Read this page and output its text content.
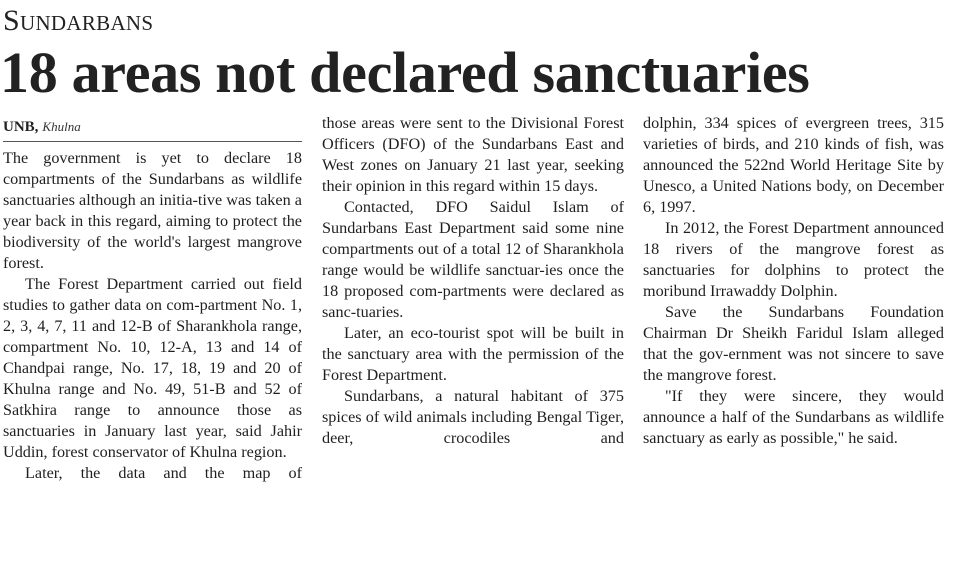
Sundarbans
18 areas not declared sanctuaries
UNB, Khulna

The government is yet to declare 18 compartments of the Sundarbans as wildlife sanctuaries although an initia-tive was taken a year back in this regard, aiming to protect the biodiversity of the world's largest mangrove forest.

The Forest Department carried out field studies to gather data on com-partment No. 1, 2, 3, 4, 7, 11 and 12-B of Sharankhola range, compartment No. 10, 12-A, 13 and 14 of Chandpai range, No. 17, 18, 19 and 20 of Khulna range and No. 49, 51-B and 52 of Satkhira range to announce those as sanctuaries in January last year, said Jahir Uddin, forest conservator of Khulna region.

Later, the data and the map of

those areas were sent to the Divisional Forest Officers (DFO) of the Sundarbans East and West zones on January 21 last year, seeking their opinion in this regard within 15 days.

Contacted, DFO Saidul Islam of Sundarbans East Department said some nine compartments out of a total 12 of Sharankhola range would be wildlife sanctuar-ies once the 18 proposed com-partments were declared as sanc-tuaries.

Later, an eco-tourist spot will be built in the sanctuary area with the permission of the Forest Department.

Sundarbans, a natural habitant of 375 spices of wild animals including Bengal Tiger, deer, crocodiles and

dolphin, 334 spices of evergreen trees, 315 varieties of birds, and 210 kinds of fish, was announced the 522nd World Heritage Site by Unesco, a United Nations body, on December 6, 1997.

In 2012, the Forest Department announced 18 rivers of the mangrove forest as sanctuaries for dolphins to protect the moribund Irrawaddy Dolphin.

Save the Sundarbans Foundation Chairman Dr Sheikh Faridul Islam alleged that the gov-ernment was not sincere to save the mangrove forest.

"If they were sincere, they would announce a half of the Sundarbans as wildlife sanctuary as early as possible," he said.
